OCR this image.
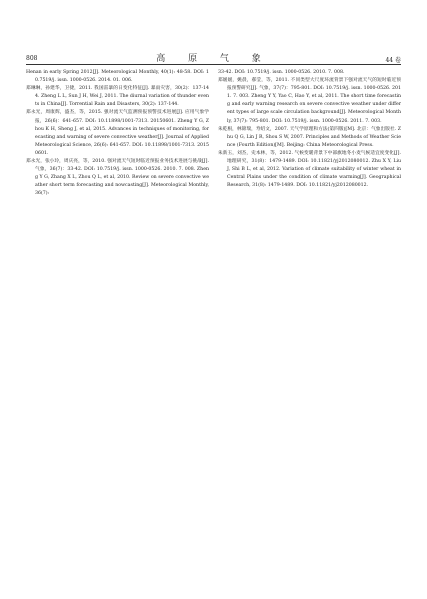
808	高 原 气 象	44 卷

Henan in early Spring 2012[J]. Meteorological Monthly, 40(1): 48-58. DOI: 10.7519/j. issn. 1000-0526. 2014. 01. 006.

郑琳琳，孙建华，卫捷，2011. 我国雷暴的日变化特征[J]. 暴雨灾害，30(2)：137-144. Zheng L L, Sun J H, Wei J, 2011. The diurnal variation of thunder events in China[J]. Torrential Rain and Disasters, 30(2): 137-144.

郑永光，周康辉，盛杰，等，2015. 强对流天气监测预报预警技术进展[J]. 应用气象学报，26(6)：641-657. DOI: 10.11898/1001-7313. 20150601. Zheng Y G, Zhou K H, Sheng J, et al, 2015. Advances in techniques of monitoring, forecasting and warning of severe convective weather[J]. Journal of Applied Meteorological Science, 26(6): 641-657. DOI: 10.11898/1001-7313. 20150601.

郑永光，张小玲，周庆亮，等，2010. 强对流天气短时临近预报业务技术进展与挑战[J]. 气象，36(7)：33-42. DOI: 10.7519/j. issn. 1000-0526. 2010. 7. 008. Zheng Y G, Zhang X L, Zhou Q L, et al, 2010. Review on severe convective weather short term forecasting and nowcasting[J]. Meteorological Monthly, 36(7):

33-42. DOI: 10.7519/j. issn. 1000-0526. 2010. 7. 008.

郑媛媛，姚晨，郝莹，等，2011. 不同类型大尺度环流背景下强对流天气的短时临近预报预警研究[J]. 气象，37(7)：795-801. DOI: 10.7519/j. issn. 1000-0526. 2011. 7. 003. Zheng Y Y, Yao C, Hao Y, et al, 2011. The short time forecasting and early warning research on severe convective weather under different types of large scale circulation background[J]. Meteorological Monthly, 37(7): 795-801. DOI: 10.7519/j. issn. 1000-0526. 2011. 7. 003.

朱乾根，林锦瑞，寿绍文，2007. 天气学原理和方法(第四版)[M]. 北京：气象出版社. Zhu Q G, Lin J R, Shou S W, 2007. Principles and Methods of Weather Science (Fourth Edition)[M]. Beijing: China Meteorological Press.

朱新玉，刘杰，史本林，等，2012. 气候变暖背景下中部旗地冬小麦气候适宜度变化[J]. 地理研究，31(8)：1479-1489. DOI: 10.11821/yj2012080012. Zhu X Y, Liu J, Shi B L, et al, 2012. Variation of climate suitability of winter wheat in Central Plains under the condition of climate warming[J]. Geographical Research, 31(8): 1479-1489. DOI: 10.11821/yj2012080012.
